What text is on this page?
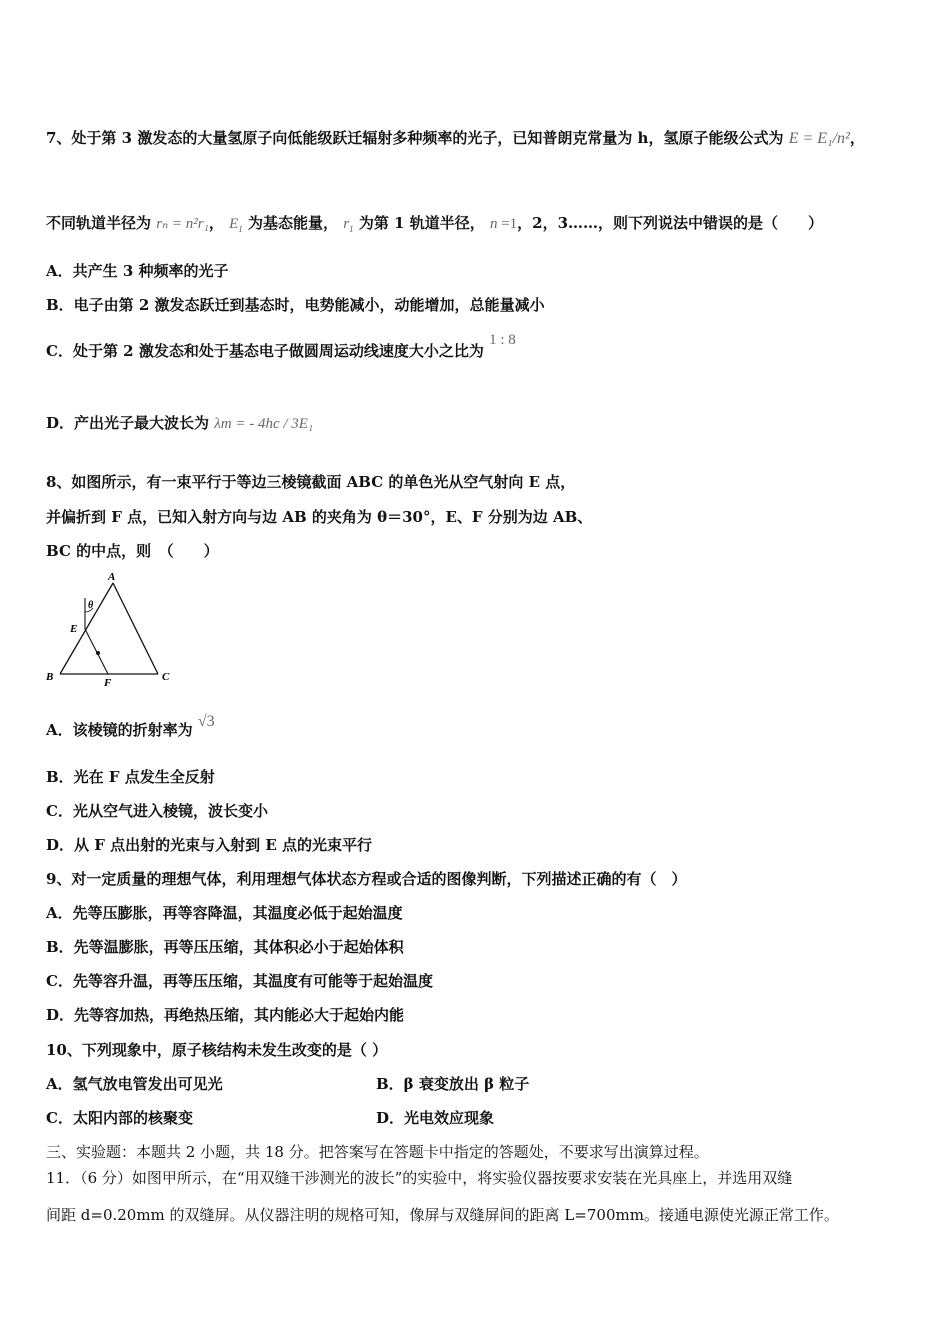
7、处于第 3 激发态的大量氢原子向低能级跃迁辐射多种频率的光子，已知普朗克常量为 h，氢原子能级公式为 E = E₁/n²，
不同轨道半径为 rₙ = n²r₁， $E_1$ 为基态能量， $r_1$ 为第 1 轨道半径， n =1，2，3……，则下列说法中错误的是（　　）
A．共产生 3 种频率的光子
B．电子由第 2 激发态跃迁到基态时，电势能减小，动能增加，总能量减小
C．处于第 2 激发态和处于基态电子做圆周运动线速度大小之比为 1 : 8
D．产出光子最大波长为 λm = - 4hc / 3E₁
8、如图所示，有一束平行于等边三棱镜截面 ABC 的单色光从空气射向 E 点，
并偏折到 F 点，已知入射方向与边 AB 的夹角为 θ＝30°，E、F 分别为边 AB、
BC 的中点，则　（　　）
A
B	C
E
F
θ
A．该棱镜的折射率为 √3
B．光在 F 点发生全反射
C．光从空气进入棱镜，波长变小
D．从 F 点出射的光束与入射到 E 点的光束平行
9、对一定质量的理想气体，利用理想气体状态方程或合适的图像判断，下列描述正确的有（　）
A．先等压膨胀，再等容降温，其温度必低于起始温度
B．先等温膨胀，再等压压缩，其体积必小于起始体积
C．先等容升温，再等压压缩，其温度有可能等于起始温度
D．先等容加热，再绝热压缩，其内能必大于起始内能
10、下列现象中，原子核结构未发生改变的是（ ）
A．氢气放电管发出可见光	B．β 衰变放出 β 粒子
C．太阳内部的核聚变	D．光电效应现象
三、实验题：本题共 2 小题，共 18 分。把答案写在答题卡中指定的答题处，不要求写出演算过程。
11．（6 分）如图甲所示，在“用双缝干涉测光的波长”的实验中，将实验仪器按要求安装在光具座上，并选用双缝
间距 d=0.20mm 的双缝屏。从仪器注明的规格可知，像屏与双缝屏间的距离 L=700mm。接通电源使光源正常工作。
